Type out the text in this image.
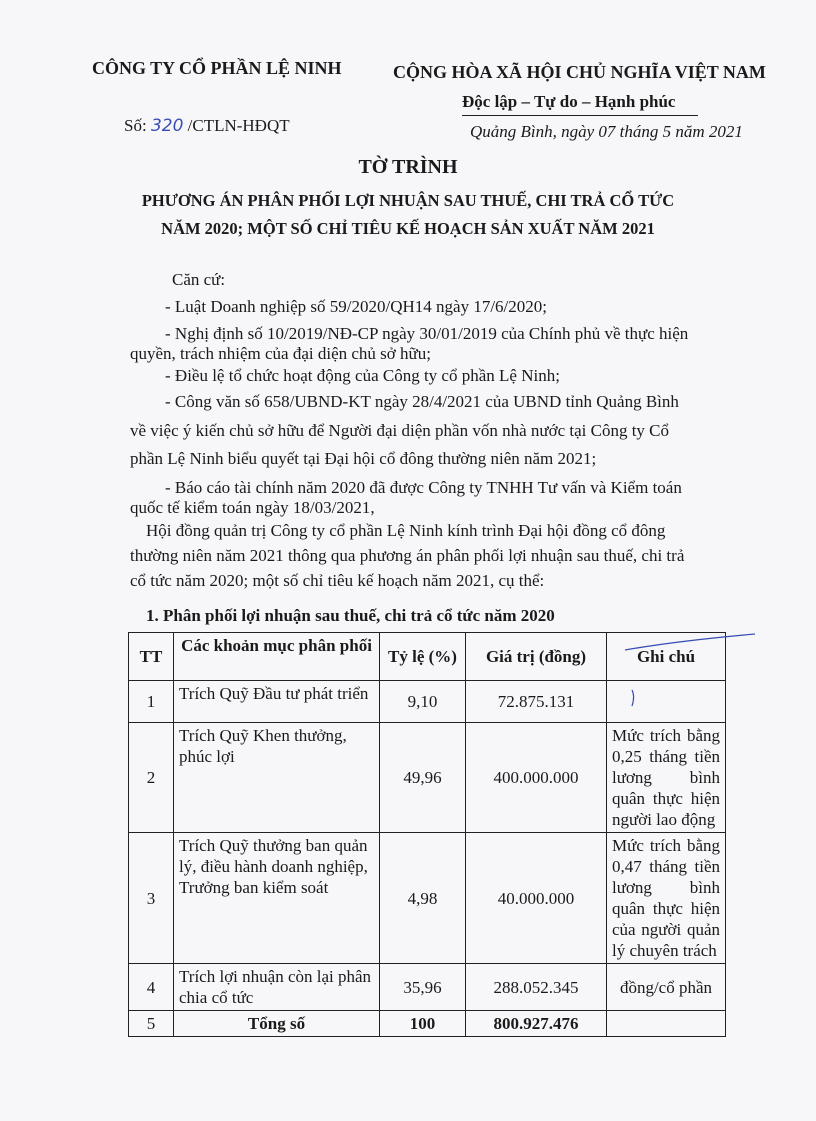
CÔNG TY CỔ PHẦN LỆ NINH	CỘNG HÒA XÃ HỘI CHỦ NGHĨA VIỆT NAM
Độc lập – Tự do – Hạnh phúc
Số: 320 /CTLN-HĐQT	Quảng Bình, ngày 07 tháng 5 năm 2021
TỜ TRÌNH
PHƯƠNG ÁN PHÂN PHỐI LỢI NHUẬN SAU THUẾ, CHI TRẢ CỔ TỨC
NĂM 2020; MỘT SỐ CHỈ TIÊU KẾ HOẠCH SẢN XUẤT NĂM 2021
Căn cứ:
- Luật Doanh nghiệp số 59/2020/QH14 ngày 17/6/2020;
- Nghị định số 10/2019/NĐ-CP ngày 30/01/2019 của Chính phủ về thực hiện
quyền, trách nhiệm của đại diện chủ sở hữu;
- Điều lệ tổ chức hoạt động của Công ty cổ phần Lệ Ninh;
- Công văn số 658/UBND-KT ngày 28/4/2021 của UBND tỉnh Quảng Bình
về việc ý kiến chủ sở hữu để Người đại diện phần vốn nhà nước tại Công ty Cổ
phần Lệ Ninh biểu quyết tại Đại hội cổ đông thường niên năm 2021;
- Báo cáo tài chính năm 2020 đã được Công ty TNHH Tư vấn và Kiểm toán
quốc tế kiểm toán ngày 18/03/2021,
Hội đồng quản trị Công ty cổ phần Lệ Ninh kính trình Đại hội đồng cổ đông
thường niên năm 2021 thông qua phương án phân phối lợi nhuận sau thuế, chi trả
cổ tức năm 2020; một số chỉ tiêu kế hoạch năm 2021, cụ thể:
1. Phân phối lợi nhuận sau thuế, chi trả cổ tức năm 2020
TT	Các khoản mục phân phối	Tỷ lệ (%)	Giá trị (đồng)	Ghi chú
1	Trích Quỹ Đầu tư phát triển	9,10	72.875.131	
2	Trích Quỹ Khen thưởng, phúc lợi	49,96	400.000.000	Mức trích bằng 0,25 tháng tiền lương bình quân thực hiện người lao động
3	Trích Quỹ thưởng ban quản lý, điều hành doanh nghiệp, Trưởng ban kiểm soát	4,98	40.000.000	Mức trích bằng 0,47 tháng tiền lương bình quân thực hiện của người quản lý chuyên trách
4	Trích lợi nhuận còn lại phân chia cổ tức	35,96	288.052.345	đồng/cổ phần
5	Tổng số	100	800.927.476	
